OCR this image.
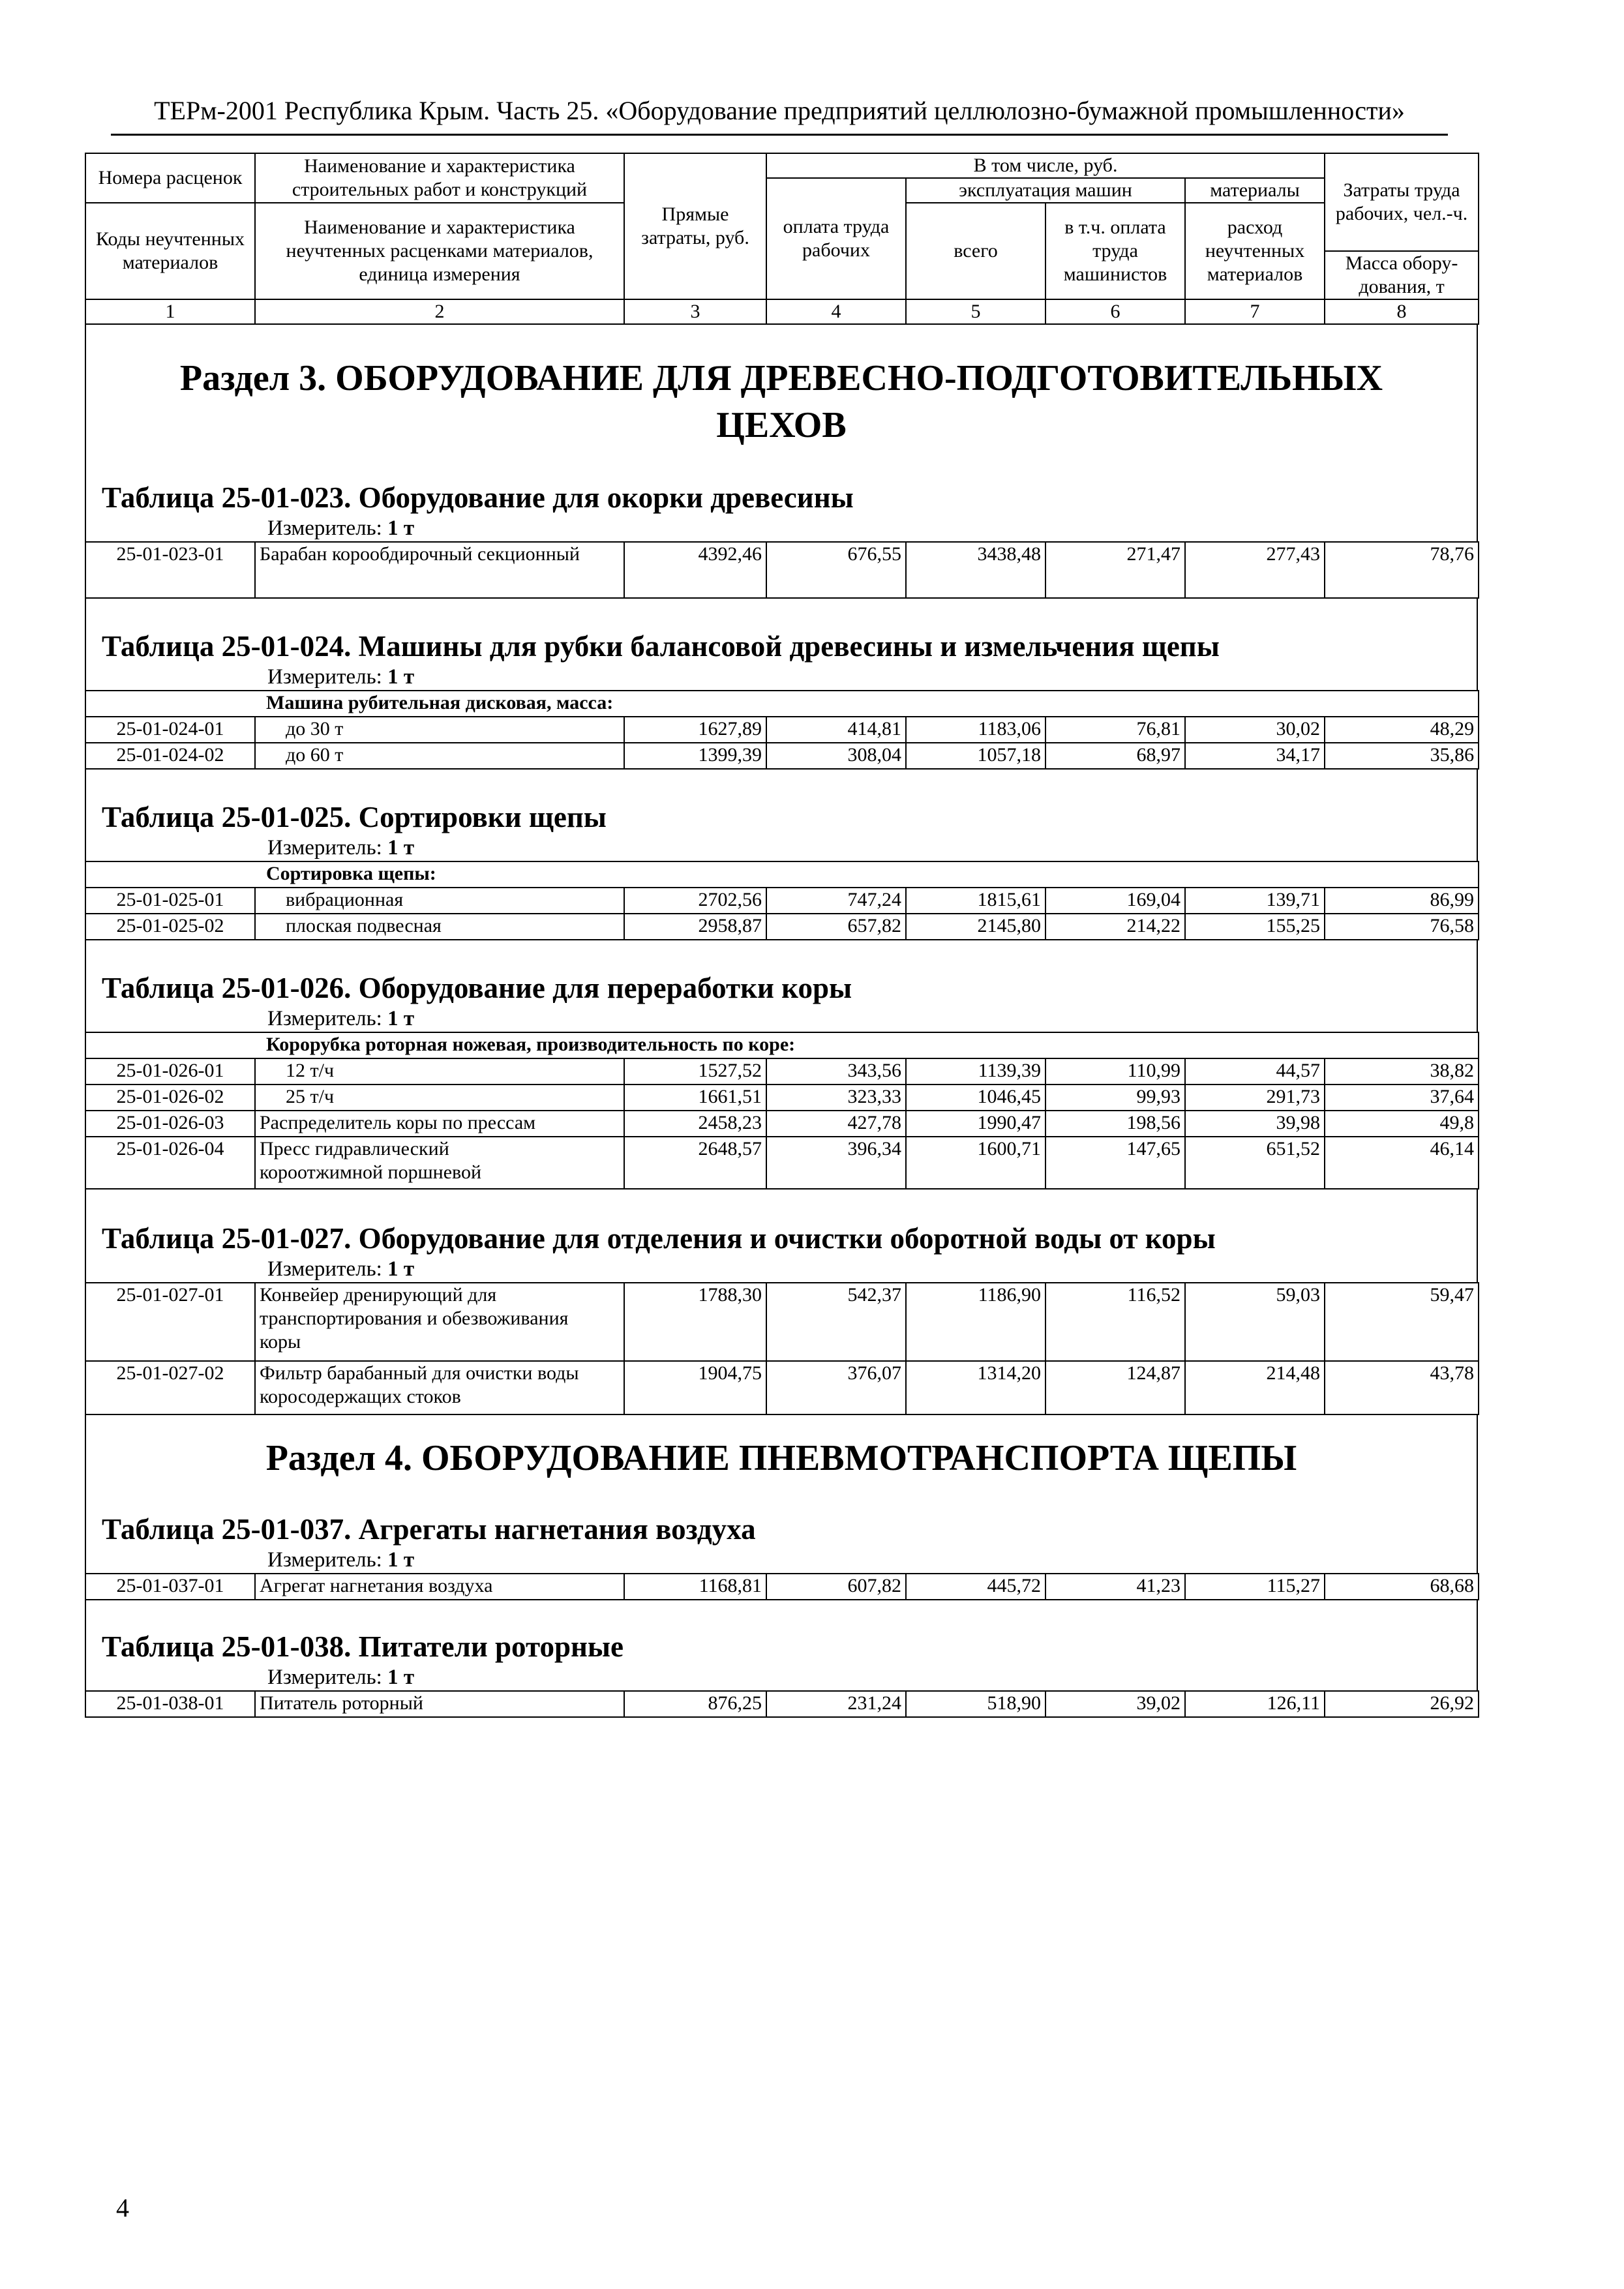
ТЕРм-2001 Республика Крым. Часть 25. «Оборудование предприятий целлюлозно-бумажной промышленности»
Номера расценок	Наименование и характеристика строительных работ и конструкций	Прямые затраты, руб.	В том числе, руб.				Затраты труда рабочих, чел.-ч.
			оплата труда рабочих	эксплуатация машин		материалы	
Коды неучтенных материалов	Наименование и характеристика неучтенных расценками материалов, единица измерения			всего	в т.ч. оплата труда машинистов	расход неучтенных материалов	
							Масса обору-дования, т
1	2	3	4	5	6	7	8
Раздел 3. ОБОРУДОВАНИЕ ДЛЯ ДРЕВЕСНО-ПОДГОТОВИТЕЛЬНЫХ ЦЕХОВ
Таблица 25-01-023. Оборудование для окорки древесины
Измеритель: 1 т
25-01-023-01	Барабан корообдирочный секционный	4392,46	676,55	3438,48	271,47	277,43	78,76
Таблица 25-01-024. Машины для рубки балансовой древесины и измельчения щепы
Измеритель: 1 т
Машина рубительная дисковая, масса:							
25-01-024-01	до 30 т	1627,89	414,81	1183,06	76,81	30,02	48,29
25-01-024-02	до 60 т	1399,39	308,04	1057,18	68,97	34,17	35,86
Таблица 25-01-025. Сортировки щепы
Измеритель: 1 т
Сортировка щепы:							
25-01-025-01	вибрационная	2702,56	747,24	1815,61	169,04	139,71	86,99
25-01-025-02	плоская подвесная	2958,87	657,82	2145,80	214,22	155,25	76,58
Таблица 25-01-026. Оборудование для переработки коры
Измеритель: 1 т
Корорубка роторная ножевая, производительность по коре:							
25-01-026-01	12 т/ч	1527,52	343,56	1139,39	110,99	44,57	38,82
25-01-026-02	25 т/ч	1661,51	323,33	1046,45	99,93	291,73	37,64
25-01-026-03	Распределитель коры по прессам	2458,23	427,78	1990,47	198,56	39,98	49,8
25-01-026-04	Пресс гидравлический короотжимной поршневой	2648,57	396,34	1600,71	147,65	651,52	46,14
Таблица 25-01-027. Оборудование для отделения и очистки оборотной воды от коры
Измеритель: 1 т
25-01-027-01	Конвейер дренирующий для транспортирования и обезвоживания коры	1788,30	542,37	1186,90	116,52	59,03	59,47
25-01-027-02	Фильтр барабанный для очистки воды коросодержащих стоков	1904,75	376,07	1314,20	124,87	214,48	43,78
Раздел 4. ОБОРУДОВАНИЕ ПНЕВМОТРАНСПОРТА ЩЕПЫ
Таблица 25-01-037. Агрегаты нагнетания воздуха
Измеритель: 1 т
25-01-037-01	Агрегат нагнетания воздуха	1168,81	607,82	445,72	41,23	115,27	68,68
Таблица 25-01-038. Питатели роторные
Измеритель: 1 т
25-01-038-01	Питатель роторный	876,25	231,24	518,90	39,02	126,11	26,92
4
